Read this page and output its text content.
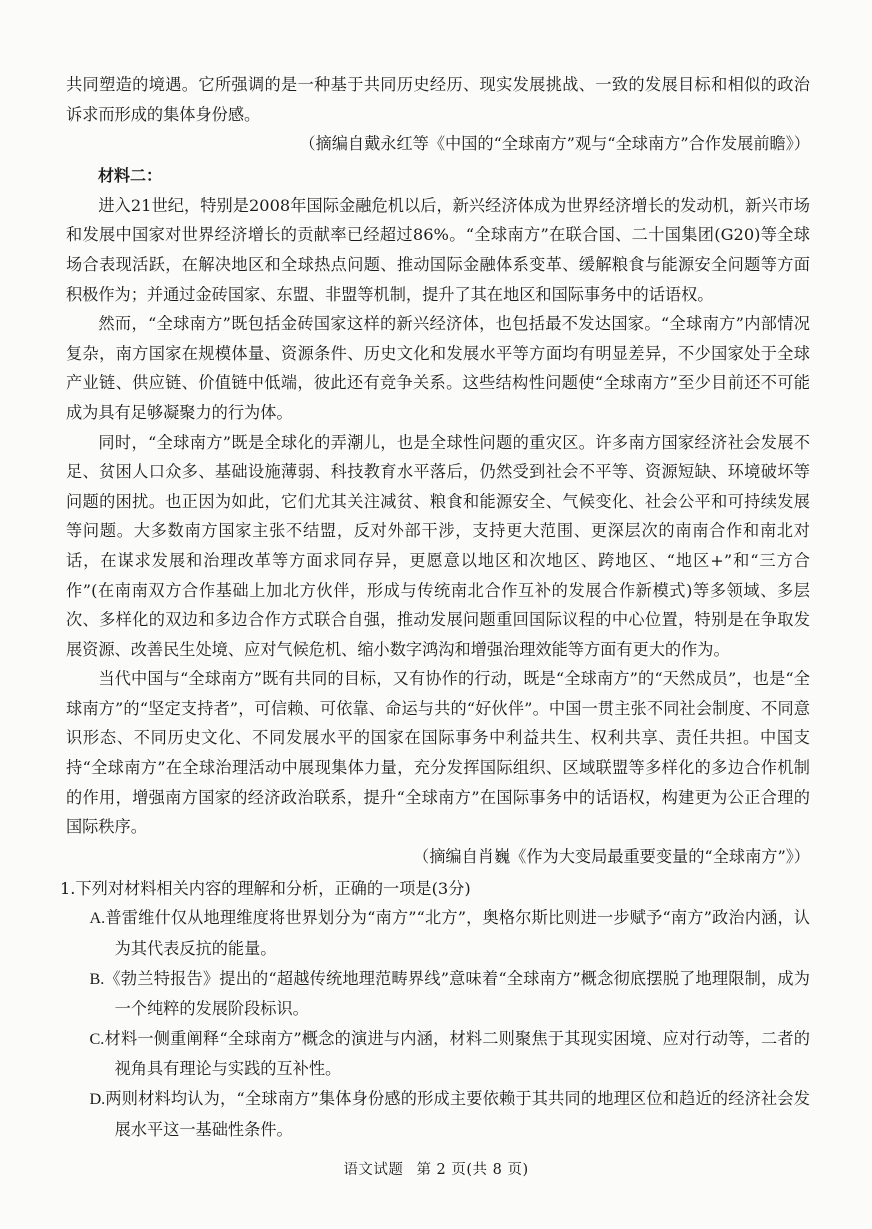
共同塑造的境遇。它所强调的是一种基于共同历史经历、现实发展挑战、一致的发展目标和相似的政治诉求而形成的集体身份感。

（摘编自戴永红等《中国的“全球南方”观与“全球南方”合作发展前瞻》）

材料二：

进入21世纪，特别是2008年国际金融危机以后，新兴经济体成为世界经济增长的发动机，新兴市场和发展中国家对世界经济增长的贡献率已经超过86%。“全球南方”在联合国、二十国集团(G20)等全球场合表现活跃，在解决地区和全球热点问题、推动国际金融体系变革、缓解粮食与能源安全问题等方面积极作为；并通过金砖国家、东盟、非盟等机制，提升了其在地区和国际事务中的话语权。

然而，“全球南方”既包括金砖国家这样的新兴经济体，也包括最不发达国家。“全球南方”内部情况复杂，南方国家在规模体量、资源条件、历史文化和发展水平等方面均有明显差异，不少国家处于全球产业链、供应链、价值链中低端，彼此还有竞争关系。这些结构性问题使“全球南方”至少目前还不可能成为具有足够凝聚力的行为体。

同时，“全球南方”既是全球化的弄潮儿，也是全球性问题的重灾区。许多南方国家经济社会发展不足、贫困人口众多、基础设施薄弱、科技教育水平落后，仍然受到社会不平等、资源短缺、环境破坏等问题的困扰。也正因为如此，它们尤其关注减贫、粮食和能源安全、气候变化、社会公平和可持续发展等问题。大多数南方国家主张不结盟，反对外部干涉，支持更大范围、更深层次的南南合作和南北对话，在谋求发展和治理改革等方面求同存异，更愿意以地区和次地区、跨地区、“地区+”和“三方合作”(在南南双方合作基础上加北方伙伴，形成与传统南北合作互补的发展合作新模式)等多领域、多层次、多样化的双边和多边合作方式联合自强，推动发展问题重回国际议程的中心位置，特别是在争取发展资源、改善民生处境、应对气候危机、缩小数字鸿沟和增强治理效能等方面有更大的作为。

当代中国与“全球南方”既有共同的目标，又有协作的行动，既是“全球南方”的“天然成员”，也是“全球南方”的“坚定支持者”，可信赖、可依靠、命运与共的“好伙伴”。中国一贯主张不同社会制度、不同意识形态、不同历史文化、不同发展水平的国家在国际事务中利益共生、权利共享、责任共担。中国支持“全球南方”在全球治理活动中展现集体力量，充分发挥国际组织、区域联盟等多样化的多边合作机制的作用，增强南方国家的经济政治联系，提升“全球南方”在国际事务中的话语权，构建更为公正合理的国际秩序。

（摘编自肖巍《作为大变局最重要变量的“全球南方”》）

1.下列对材料相关内容的理解和分析，正确的一项是(3分)

A.普雷维什仅从地理维度将世界划分为“南方”“北方”，奥格尔斯比则进一步赋予“南方”政治内涵，认为其代表反抗的能量。

B.《勃兰特报告》提出的“超越传统地理范畴界线”意味着“全球南方”概念彻底摆脱了地理限制，成为一个纯粹的发展阶段标识。

C.材料一侧重阐释“全球南方”概念的演进与内涵，材料二则聚焦于其现实困境、应对行动等，二者的视角具有理论与实践的互补性。

D.两则材料均认为，“全球南方”集体身份感的形成主要依赖于其共同的地理区位和趋近的经济社会发展水平这一基础性条件。

语文试题 第 2 页(共 8 页)
